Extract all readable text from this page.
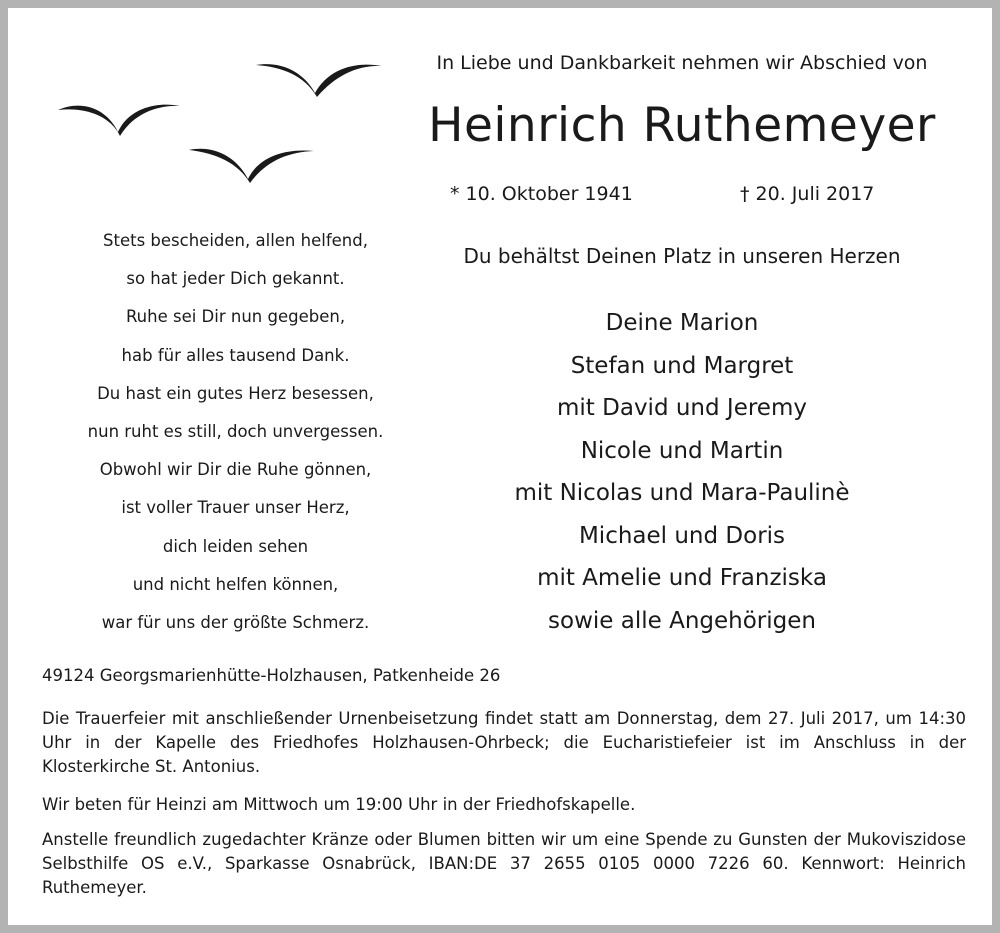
In Liebe und Dankbarkeit nehmen wir Abschied von
Heinrich Ruthemeyer
* 10. Oktober 1941	† 20. Juli 2017
Du behältst Deinen Platz in unseren Herzen
Stets bescheiden, allen helfend,
so hat jeder Dich gekannt.
Ruhe sei Dir nun gegeben,
hab für alles tausend Dank.
Du hast ein gutes Herz besessen,
nun ruht es still, doch unvergessen.
Obwohl wir Dir die Ruhe gönnen,
ist voller Trauer unser Herz,
dich leiden sehen
und nicht helfen können,
war für uns der größte Schmerz.
Deine Marion
Stefan und Margret
mit David und Jeremy
Nicole und Martin
mit Nicolas und Mara-Paulinè
Michael und Doris
mit Amelie und Franziska
sowie alle Angehörigen
49124 Georgsmarienhütte-Holzhausen, Patkenheide 26

Die Trauerfeier mit anschließender Urnenbeisetzung findet statt am Donnerstag, dem 27. Juli 2017, um 14:30 Uhr in der Kapelle des Friedhofes Holzhausen-Ohrbeck; die Eucharistiefeier ist im Anschluss in der Klosterkirche St. Antonius.

Wir beten für Heinzi am Mittwoch um 19:00 Uhr in der Friedhofskapelle.

Anstelle freundlich zugedachter Kränze oder Blumen bitten wir um eine Spende zu Gunsten der Mukoviszidose Selbsthilfe OS e.V., Sparkasse Osnabrück, IBAN:DE 37 2655 0105 0000 7226 60. Kennwort: Heinrich Ruthemeyer.
